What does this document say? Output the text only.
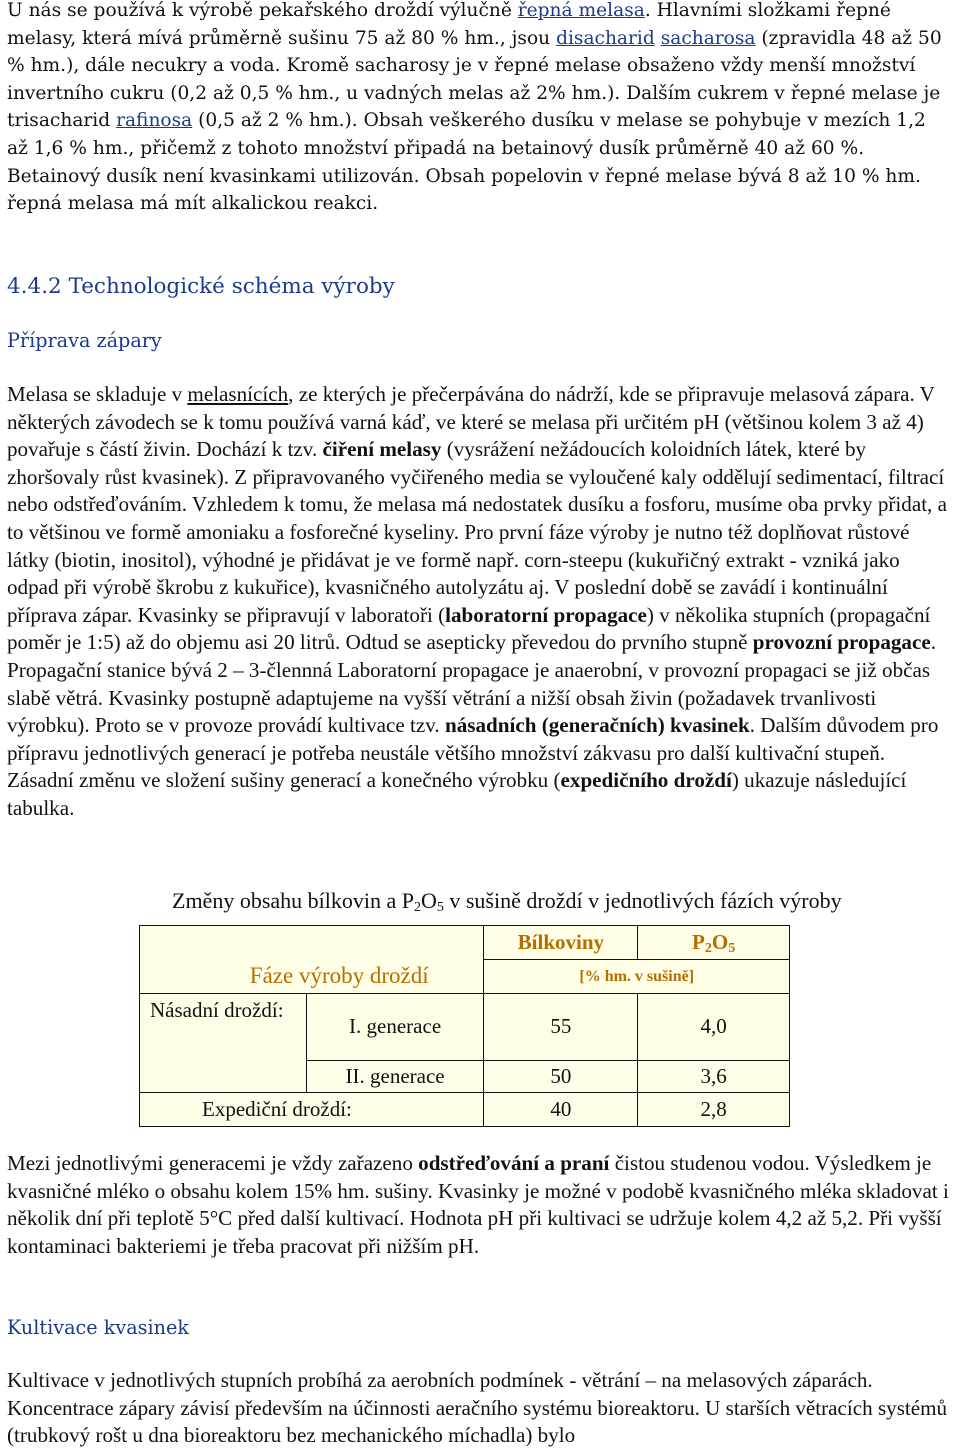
U nás se používá k výrobě pekařského droždí výlučně řepná melasa. Hlavními složkami řepné melasy, která mívá průměrně sušinu 75 až 80 % hm., jsou disacharid sacharosa (zpravidla 48 až 50 % hm.), dále necukry a voda. Kromě sacharosy je v řepné melase obsaženo vždy menší množství invertního cukru (0,2 až 0,5 % hm., u vadných melas až 2% hm.). Dalším cukrem v řepné melase je trisacharid rafinosa (0,5 až 2 % hm.). Obsah veškerého dusíku v melase se pohybuje v mezích 1,2 až 1,6 % hm., přičemž z tohoto množství připadá na betainový dusík průměrně 40 až 60 %. Betainový dusík není kvasinkami utilizován. Obsah popelovin v řepné melase bývá 8 až 10 % hm. řepná melasa má mít alkalickou reakci.

4.4.2 Technologické schéma výroby

Příprava zápary

Melasa se skladuje v melasnících, ze kterých je přečerpávána do nádrží, kde se připravuje melasová zápara. V některých závodech se k tomu používá varná káď, ve které se melasa při určitém pH (většinou kolem 3 až 4) povařuje s částí živin. Dochází k tzv. čiření melasy (vysrážení nežádoucích koloidních látek, které by zhoršovaly růst kvasinek). Z připravovaného vyčiřeného media se vyloučené kaly oddělují sedimentací, filtrací nebo odstřeďováním. Vzhledem k tomu, že melasa má nedostatek dusíku a fosforu, musíme oba prvky přidat, a to většinou ve formě amoniaku a fosforečné kyseliny. Pro první fáze výroby je nutno též doplňovat růstové látky (biotin, inositol), výhodné je přidávat je ve formě např. corn-steepu (kukuřičný extrakt - vzniká jako odpad při výrobě škrobu z kukuřice), kvasničného autolyzátu aj. V poslední době se zavádí i kontinuální příprava zápar. Kvasinky se připravují v laboratoři (laboratorní propagace) v několika stupních (propagační poměr je 1:5) až do objemu asi 20 litrů. Odtud se asepticky převedou do prvního stupně provozní propagace. Propagační stanice bývá 2 – 3-člennná Laboratorní propagace je anaerobní, v provozní propagaci se již občas slabě větrá. Kvasinky postupně adaptujeme na vyšší větrání a nižší obsah živin (požadavek trvanlivosti výrobku). Proto se v provoze provádí kultivace tzv. násadních (generačních) kvasinek. Dalším důvodem pro přípravu jednotlivých generací je potřeba neustále většího množství zákvasu pro další kultivační stupeň. Zásadní změnu ve složení sušiny generací a konečného výrobku (expedičního droždí) ukazuje následující tabulka.

Změny obsahu bílkovin a $P_2O_5$ v sušině droždí v jednotlivých fázích výroby
Fáze výroby droždí		Bílkoviny	$P_2O_5$
		[% hm. v sušině]	
Násadní droždí:	I. generace	55	4,0
	II. generace	50	3,6
Expediční droždí:		40	2,8

Mezi jednotlivými generacemi je vždy zařazeno odstřeďování a praní čistou studenou vodou. Výsledkem je kvasničné mléko o obsahu kolem 15% hm. sušiny. Kvasinky je možné v podobě kvasničného mléka skladovat i několik dní při teplotě 5°C před další kultivací. Hodnota pH při kultivaci se udržuje kolem 4,2 až 5,2. Při vyšší kontaminaci bakteriemi je třeba pracovat při nižším pH.

Kultivace kvasinek

Kultivace v jednotlivých stupních probíhá za aerobních podmínek - větrání – na melasových záparách. Koncentrace zápary závisí především na účinnosti aeračního systému bioreaktoru. U starších větracích systémů (trubkový rošt u dna bioreaktoru bez mechanického míchadla) bylo
